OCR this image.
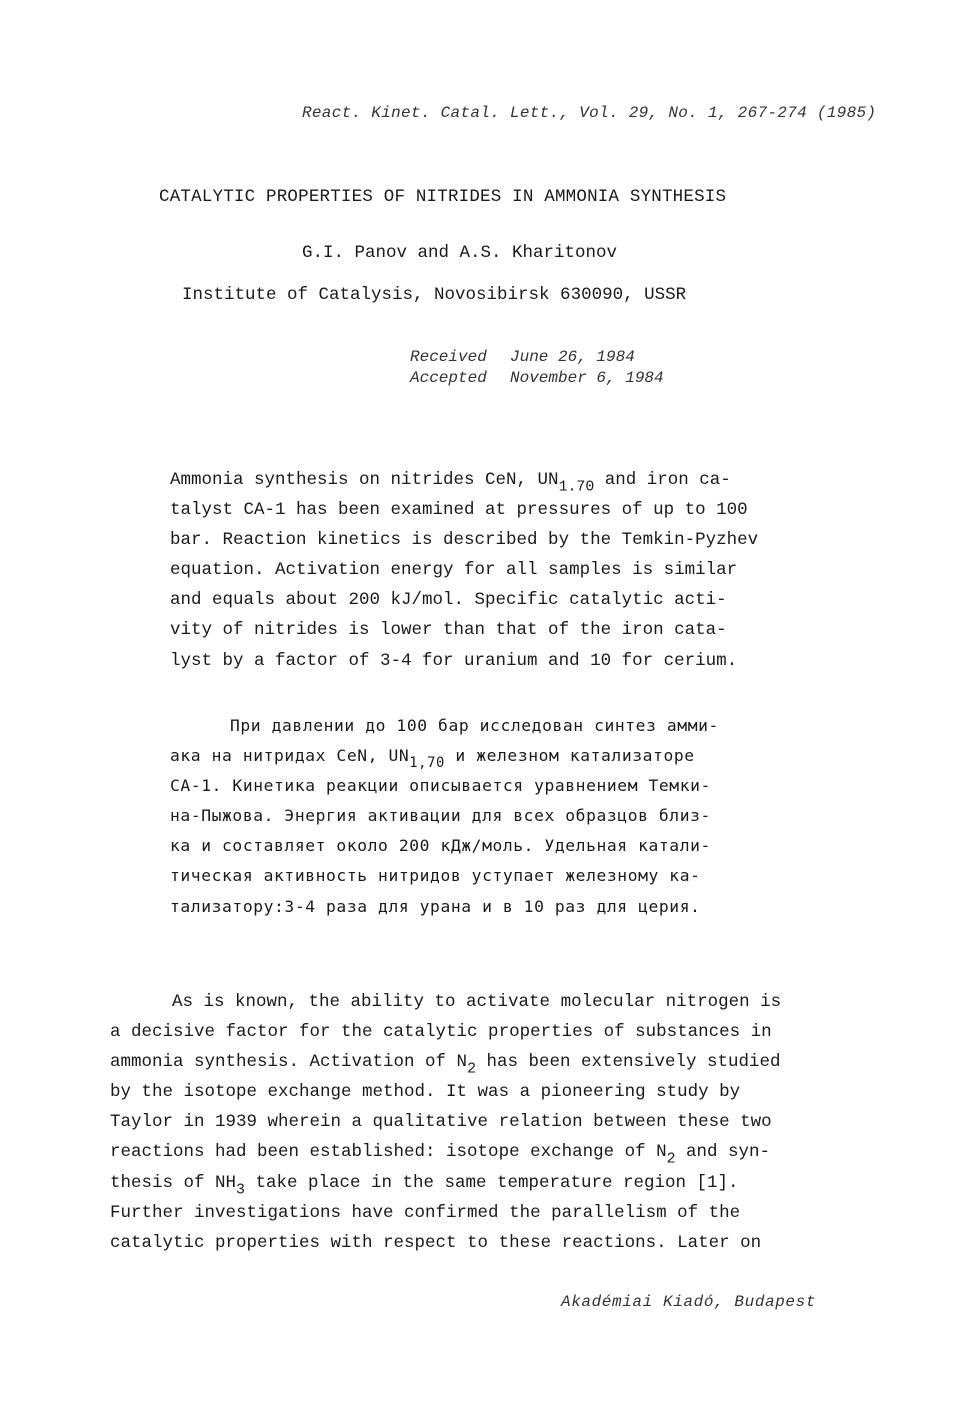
React. Kinet. Catal. Lett., Vol. 29, No. 1, 267-274 (1985)
CATALYTIC PROPERTIES OF NITRIDES IN AMMONIA SYNTHESIS
G.I. Panov and A.S. Kharitonov
Institute of Catalysis, Novosibirsk 630090, USSR
Received June 26, 1984
Accepted November 6, 1984
Ammonia synthesis on nitrides CeN, $UN_{1.70}$ and iron ca-
talyst CA-1 has been examined at pressures of up to 100
bar. Reaction kinetics is described by the Temkin-Pyzhev
equation. Activation energy for all samples is similar
and equals about 200 kJ/mol. Specific catalytic acti-
vity of nitrides is lower than that of the iron cata-
lyst by a factor of 3-4 for uranium and 10 for cerium.
При давлении до 100 бар исследован синтез амми-
ака на нитридах CeN, $UN_{1,70}$ и железном катализаторе
CA-1. Кинетика реакции описывается уравнением Темки-
на-Пыжова. Энергия активации для всех образцов близ-
ка и составляет около 200 кДж/моль. Удельная катали-
тическая активность нитридов уступает железному ка-
тализатору:3-4 раза для урана и в 10 раз для церия.
As is known, the ability to activate molecular nitrogen is
a decisive factor for the catalytic properties of substances in
ammonia synthesis. Activation of $N_2$ has been extensively studied
by the isotope exchange method. It was a pioneering study by
Taylor in 1939 wherein a qualitative relation between these two
reactions had been established: isotope exchange of $N_2$ and syn-
thesis of $NH_3$ take place in the same temperature region [1].
Further investigations have confirmed the parallelism of the
catalytic properties with respect to these reactions. Later on
Akadémiai Kiadó, Budapest
